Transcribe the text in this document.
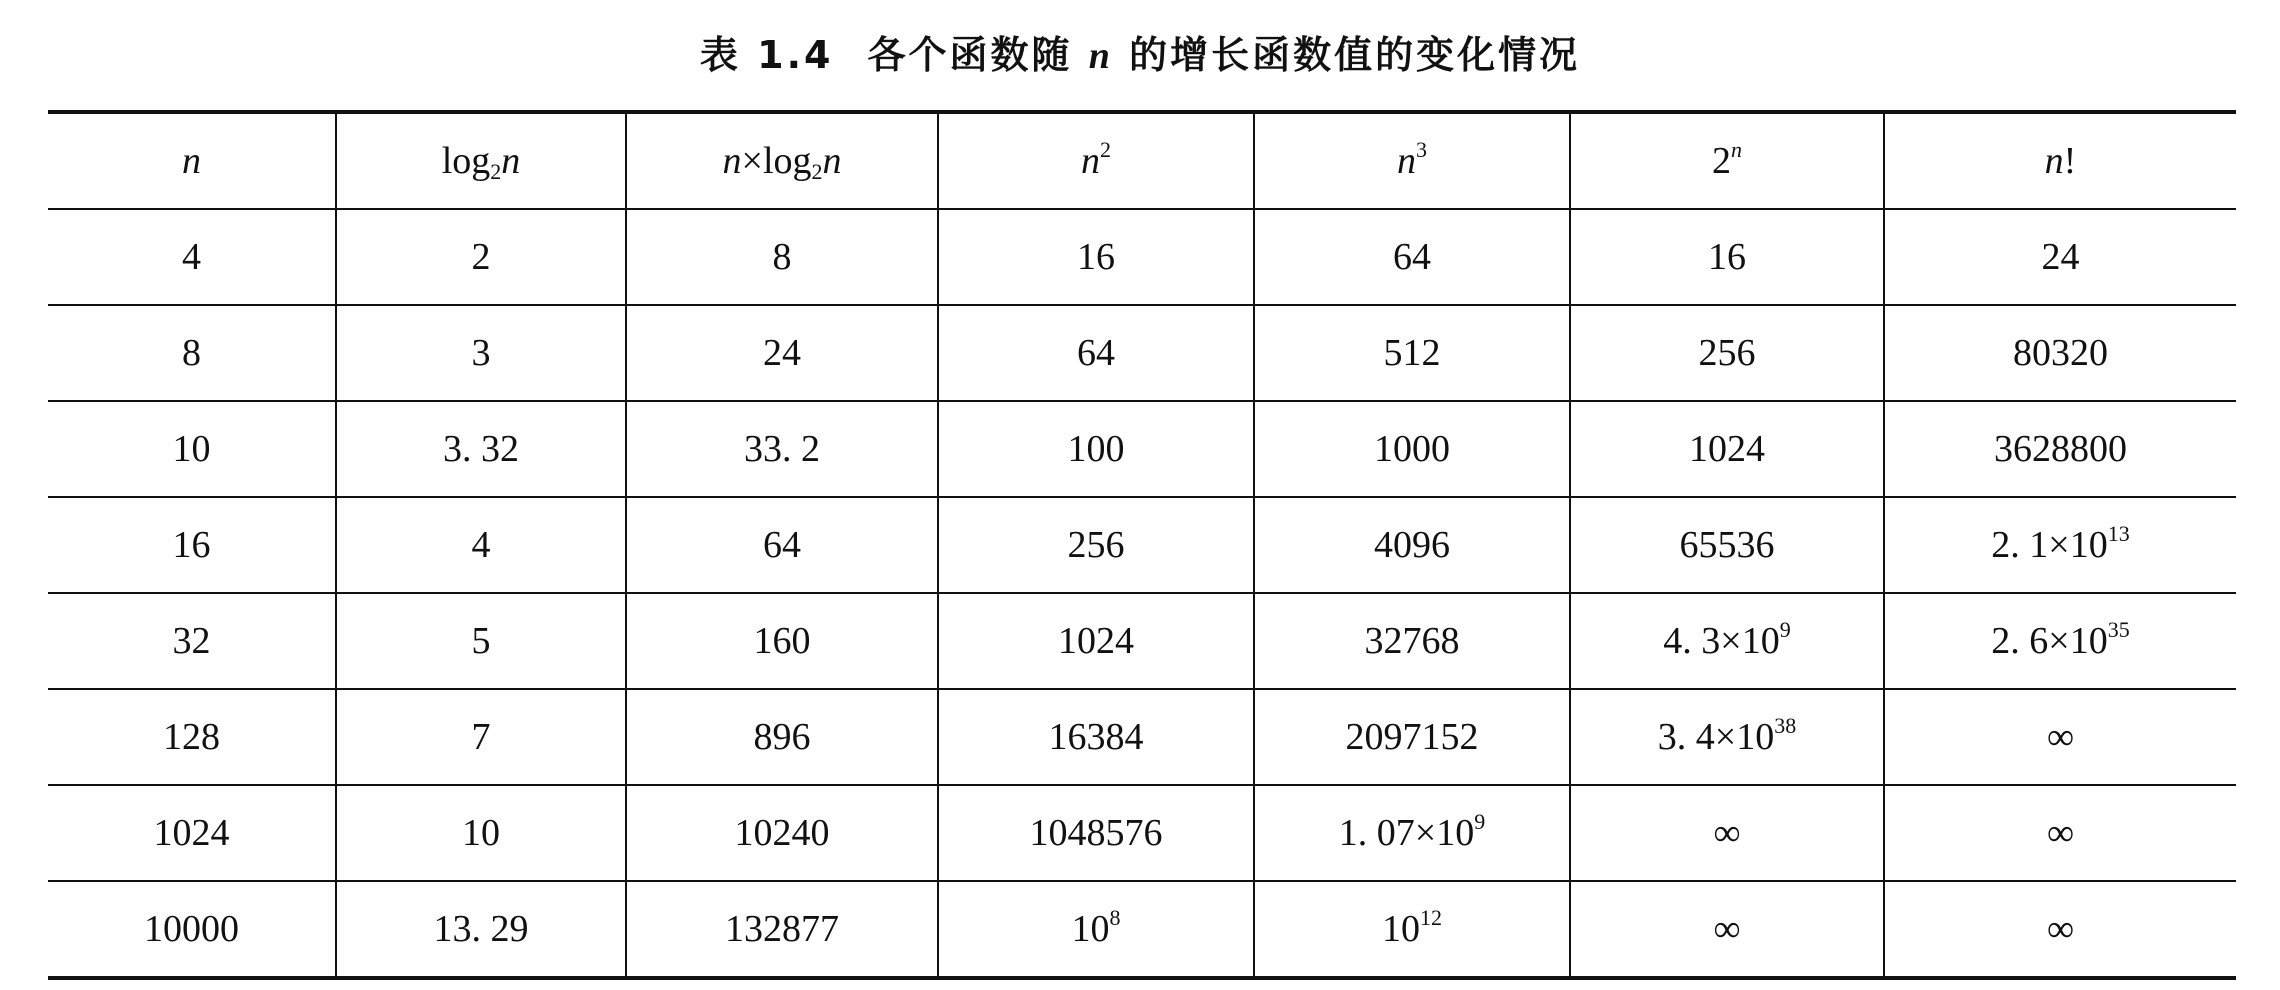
表 1.4 各个函数随 n 的增长函数值的变化情况
n	$\log_2n$	$n\times\log_2n$	$n^2$	$n^3$	2$^n$	n!
4	2	8	16	64	16	24
8	3	24	64	512	256	80320
10	3. 32	33. 2	100	1000	1024	3628800
16	4	64	256	4096	65536	2. $1\times 10^{13}$
32	5	160	1024	32768	4. $3\times 10^9$	2. $6\times 10^{35}$
128	7	896	16384	2097152	3. $4\times 10^{38}$	∞
1024	10	10240	1048576	1. $07\times 10^9$	∞	∞
10000	13. 29	132877	$10^8$	$10^{12}$	∞	∞
